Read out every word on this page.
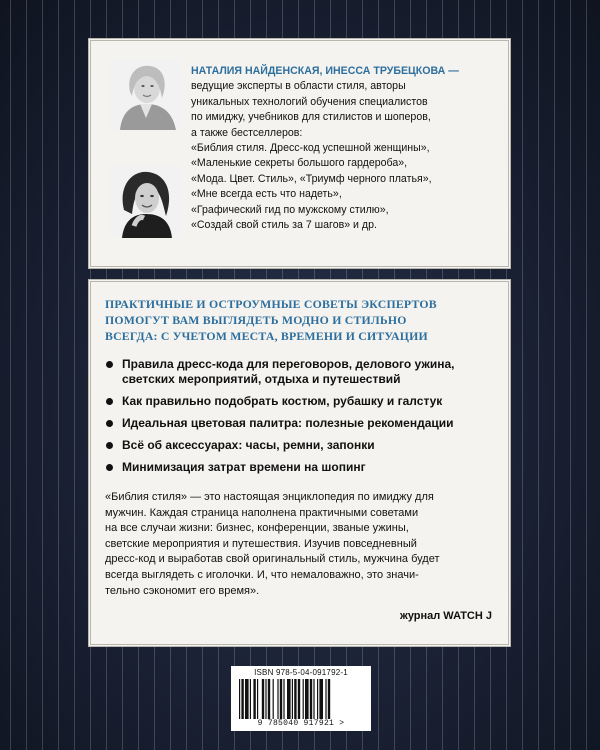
НАТАЛИЯ НАЙДЕНСКАЯ, ИНЕССА ТРУБЕЦКОВА —
ведущие эксперты в области стиля, авторы
уникальных технологий обучения специалистов
по имиджу, учебников для стилистов и шоперов,
а также бестселлеров:
«Библия стиля. Дресс-код успешной женщины»,
«Маленькие секреты большого гардероба»,
«Мода. Цвет. Стиль», «Триумф черного платья»,
«Мне всегда есть что надеть»,
«Графический гид по мужскому стилю»,
«Создай свой стиль за 7 шагов» и др.
ПРАКТИЧНЫЕ И ОСТРОУМНЫЕ СОВЕТЫ ЭКСПЕРТОВ
ПОМОГУТ ВАМ ВЫГЛЯДЕТЬ МОДНО И СТИЛЬНО
ВСЕГДА: С УЧЕТОМ МЕСТА, ВРЕМЕНИ И СИТУАЦИИ
Правила дресс-кода для переговоров, делового ужина,
светских мероприятий, отдыха и путешествий
Как правильно подобрать костюм, рубашку и галстук
Идеальная цветовая палитра: полезные рекомендации
Всё об аксессуарах: часы, ремни, запонки
Минимизация затрат времени на шопинг
«Библия стиля» — это настоящая энциклопедия по имиджу для
мужчин. Каждая страница наполнена практичными советами
на все случаи жизни: бизнес, конференции, званые ужины,
светские мероприятия и путешествия. Изучив повседневный
дресс-код и выработав свой оригинальный стиль, мужчина будет
всегда выглядеть с иголочки. И, что немаловажно, это значи-
тельно сэкономит его время».
журнал WATCH J
ISBN 978-5-04-091792-1
9 785040 917921 >
